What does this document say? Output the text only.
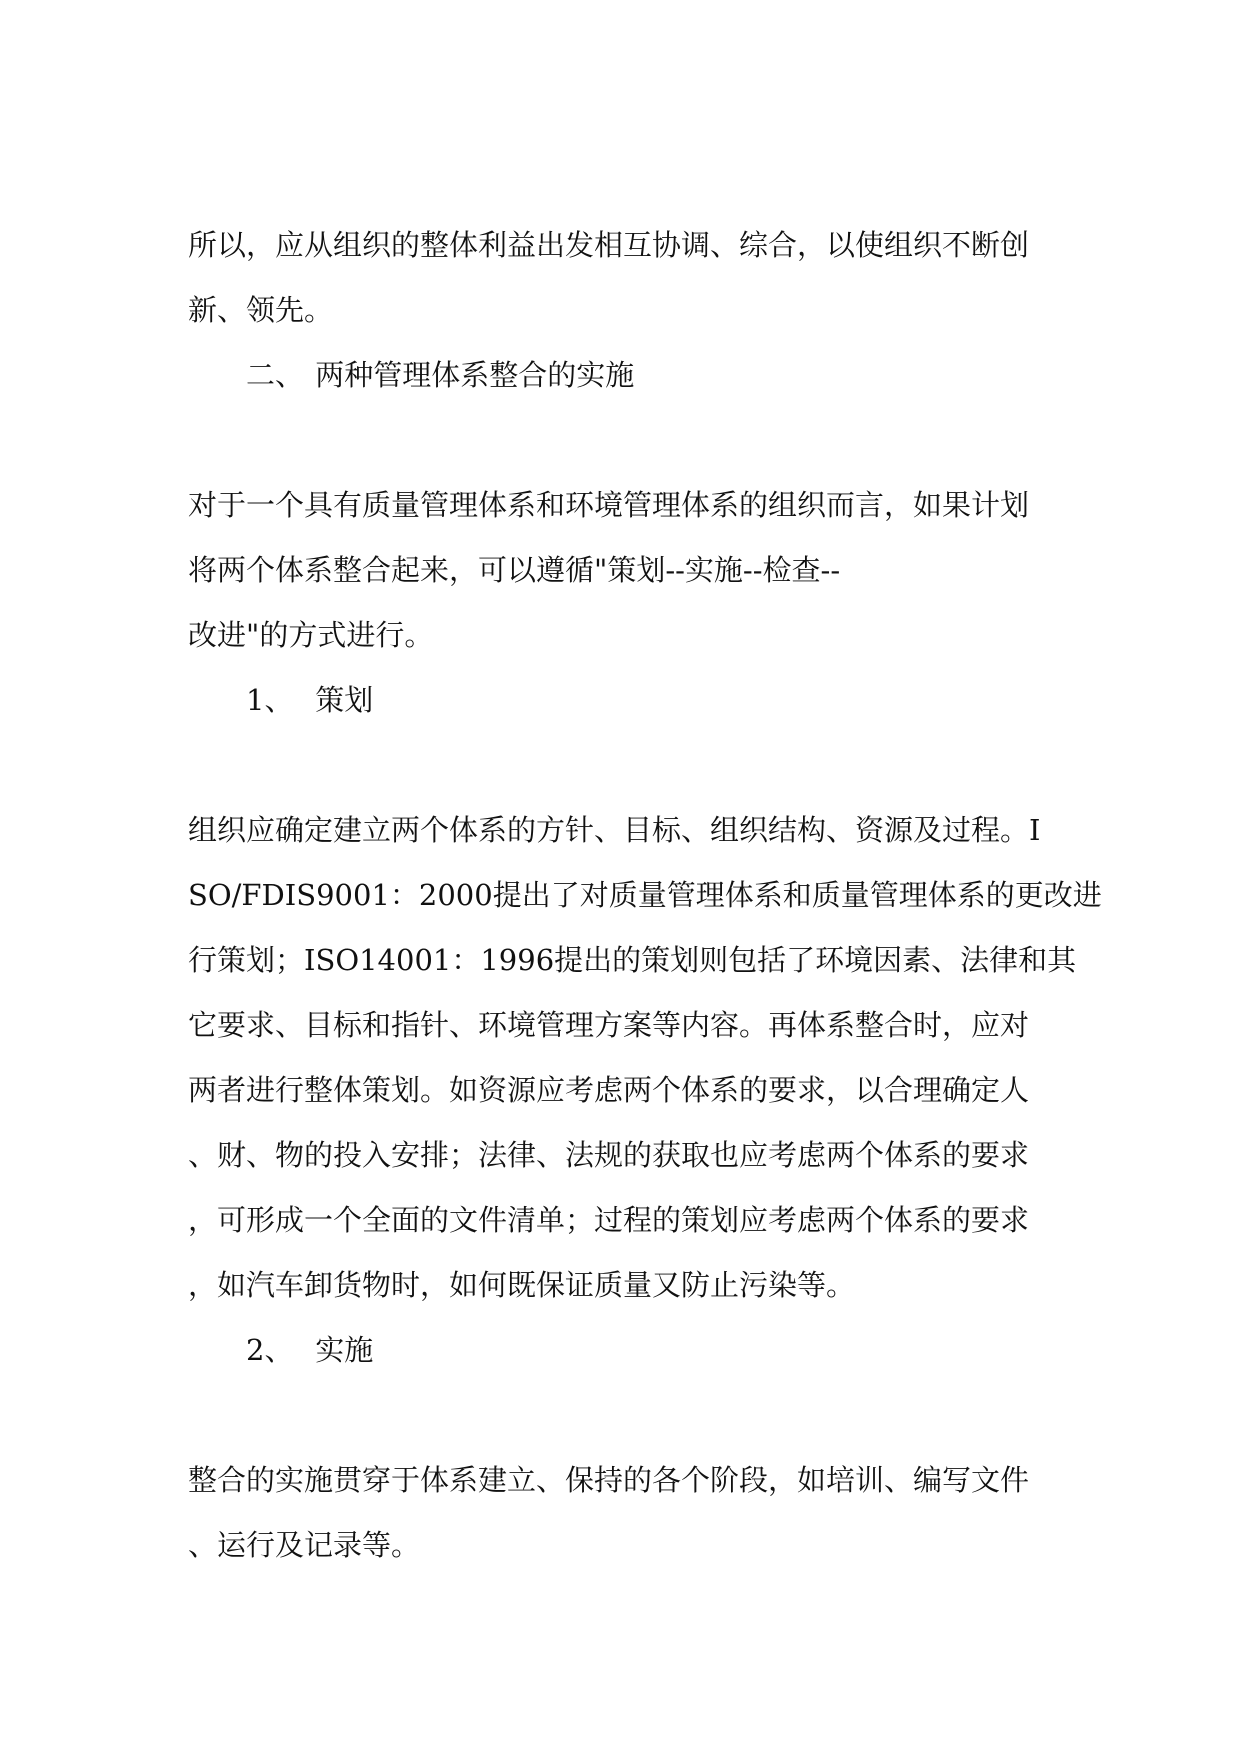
所以，应从组织的整体利益出发相互协调、综合，以使组织不断创
新、领先。
二、 两种管理体系整合的实施
对于一个具有质量管理体系和环境管理体系的组织而言，如果计划
将两个体系整合起来，可以遵循"策划--实施--检查--
改进"的方式进行。
1、 策划
组织应确定建立两个体系的方针、目标、组织结构、资源及过程。I
SO/FDIS9001：2000提出了对质量管理体系和质量管理体系的更改进
行策划；ISO14001：1996提出的策划则包括了环境因素、法律和其
它要求、目标和指针、环境管理方案等内容。再体系整合时，应对
两者进行整体策划。如资源应考虑两个体系的要求，以合理确定人
、财、物的投入安排；法律、法规的获取也应考虑两个体系的要求
，可形成一个全面的文件清单；过程的策划应考虑两个体系的要求
，如汽车卸货物时，如何既保证质量又防止污染等。
2、 实施
整合的实施贯穿于体系建立、保持的各个阶段，如培训、编写文件
、运行及记录等。
